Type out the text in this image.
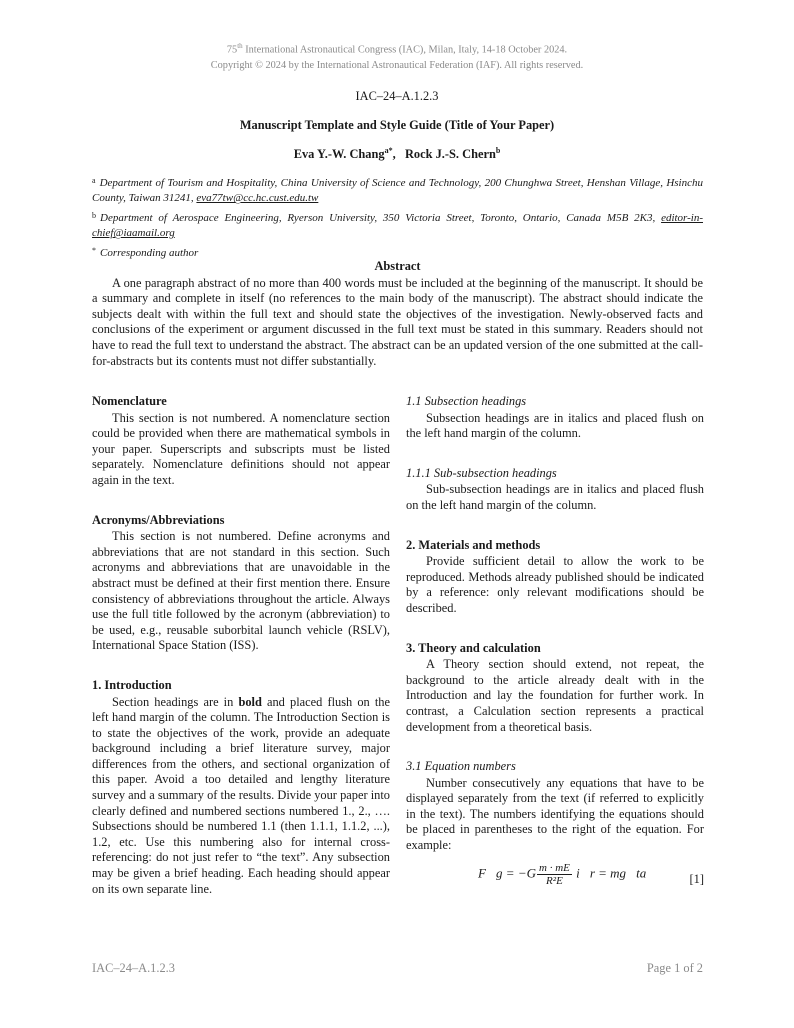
75th International Astronautical Congress (IAC), Milan, Italy, 14-18 October 2024.
Copyright © 2024 by the International Astronautical Federation (IAF). All rights reserved.
IAC–24–A.1.2.3
Manuscript Template and Style Guide (Title of Your Paper)
Eva Y.-W. Chang$^{a*}$,   Rock J.-S. Chern$^b$
$^a$ Department of Tourism and Hospitality, China University of Science and Technology, 200 Chunghwa Street, Henshan Village, Hsinchu County, Taiwan 31241, eva77tw@cc.hc.cust.edu.tw
$^b$ Department of Aerospace Engineering, Ryerson University, 350 Victoria Street, Toronto, Ontario, Canada M5B 2K3, editor-in-chief@iaamail.org
* Corresponding author
Abstract
A one paragraph abstract of no more than 400 words must be included at the beginning of the manuscript. It should be a summary and complete in itself (no references to the main body of the manuscript). The abstract should indicate the subjects dealt with within the full text and should state the objectives of the investigation. Newly-observed facts and conclusions of the experiment or argument discussed in the full text must be stated in this summary. Readers should not have to read the full text to understand the abstract. The abstract can be an updated version of the one submitted at the call-for-abstracts but its contents must not differ substantially.
Nomenclature

This section is not numbered. A nomenclature section could be provided when there are mathematical symbols in your paper. Superscripts and subscripts must be listed separately. Nomenclature definitions should not appear again in the text.

Acronyms/Abbreviations

This section is not numbered. Define acronyms and abbreviations that are not standard in this section. Such acronyms and abbreviations that are unavoidable in the abstract must be defined at their first mention there. Ensure consistency of abbreviations throughout the article. Always use the full title followed by the acronym (abbreviation) to be used, e.g., reusable suborbital launch vehicle (RSLV), International Space Station (ISS).

1. Introduction

Section headings are in bold and placed flush on the left hand margin of the column. The Introduction Section is to state the objectives of the work, provide an adequate background including a brief literature survey, major differences from the others, and sectional organization of this paper. Avoid a too detailed and lengthy literature survey and a summary of the results. Divide your paper into clearly defined and numbered sections numbered 1., 2., …. Subsections should be numbered 1.1 (then 1.1.1, 1.1.2, ...), 1.2, etc. Use this numbering also for internal cross-referencing: do not just refer to “the text”. Any subsection may be given a brief heading. Each heading should appear on its own separate line.

1.1 Subsection headings

Subsection headings are in italics and placed flush on the left hand margin of the column.

1.1.1 Sub-subsection headings

Sub-subsection headings are in italics and placed flush on the left hand margin of the column.

2. Materials and methods

Provide sufficient detail to allow the work to be reproduced. Methods already published should be indicated by a reference: only relevant modifications should be described.

3. Theory and calculation

A Theory section should extend, not repeat, the background to the article already dealt with in the Introduction and lay the foundation for further work. In contrast, a Calculation section represents a practical development from a theoretical basis.

3.1 Equation numbers

Number consecutively any equations that have to be displayed separately from the text (if referred to explicitly in the text). The numbers identifying the equations should be placed in parentheses to the right of the equation. For example:

F⃗g = $-G \frac{m \cdot mE}{\text{R²E}}$ i⃗r = mg⃗ta	[1]
IAC–24–A.1.2.3	Page 1 of 2
